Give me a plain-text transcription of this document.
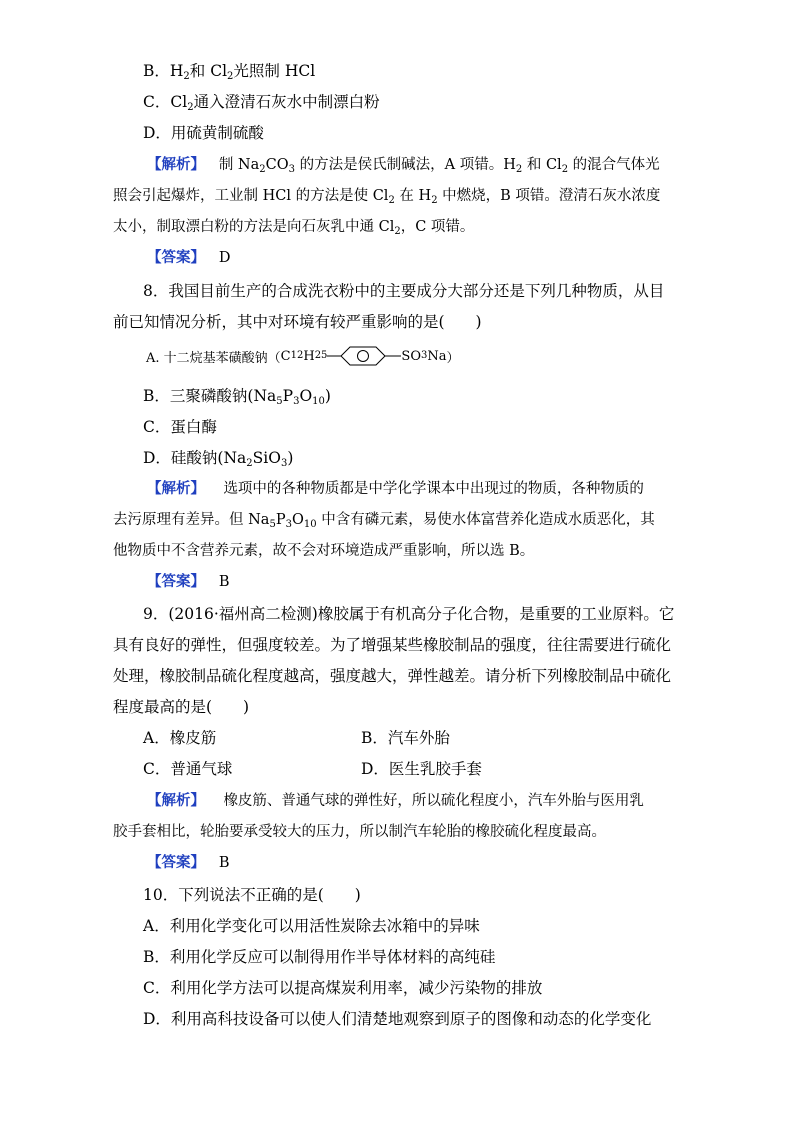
B．$H_2$和 $Cl_2$光照制 HCl
C．$Cl_2$通入澄清石灰水中制漂白粉
D．用硫黄制硫酸
【解析】 制 $Na_2CO_3$ 的方法是侯氏制碱法，A 项错。$H_2$ 和 $Cl_2$ 的混合气体光
照会引起爆炸，工业制 HCl 的方法是使 $Cl_2$ 在 $H_2$ 中燃烧，B 项错。澄清石灰水浓度
太小，制取漂白粉的方法是向石灰乳中通 $Cl_2$，C 项错。
【答案】 D
8．我国目前生产的合成洗衣粉中的主要成分大部分还是下列几种物质，从目
前已知情况分析，其中对环境有较严重影响的是(　　)
A. 十二烷基苯磺酸钠（ C 12 H 25	SO 3 Na ）
B．三聚磷酸钠$(Na_5P_3O_{10})$
C．蛋白酶
D．硅酸钠$(Na_2SiO_3)$
【解析】 选项中的各种物质都是中学化学课本中出现过的物质，各种物质的
去污原理有差异。但 $Na_5P_3O_{10}$ 中含有磷元素，易使水体富营养化造成水质恶化，其
他物质中不含营养元素，故不会对环境造成严重影响，所以选 B。
【答案】 B
9．(2016·福州高二检测)橡胶属于有机高分子化合物，是重要的工业原料。它
具有良好的弹性，但强度较差。为了增强某些橡胶制品的强度，往往需要进行硫化
处理，橡胶制品硫化程度越高，强度越大，弹性越差。请分析下列橡胶制品中硫化
程度最高的是(　　)
A．橡皮筋	B．汽车外胎
C．普通气球	D．医生乳胶手套
【解析】 橡皮筋、普通气球的弹性好，所以硫化程度小，汽车外胎与医用乳
胶手套相比，轮胎要承受较大的压力，所以制汽车轮胎的橡胶硫化程度最高。
【答案】 B
10．下列说法不正确的是(　　)
A．利用化学变化可以用活性炭除去冰箱中的异味
B．利用化学反应可以制得用作半导体材料的高纯硅
C．利用化学方法可以提高煤炭利用率，减少污染物的排放
D．利用高科技设备可以使人们清楚地观察到原子的图像和动态的化学变化
